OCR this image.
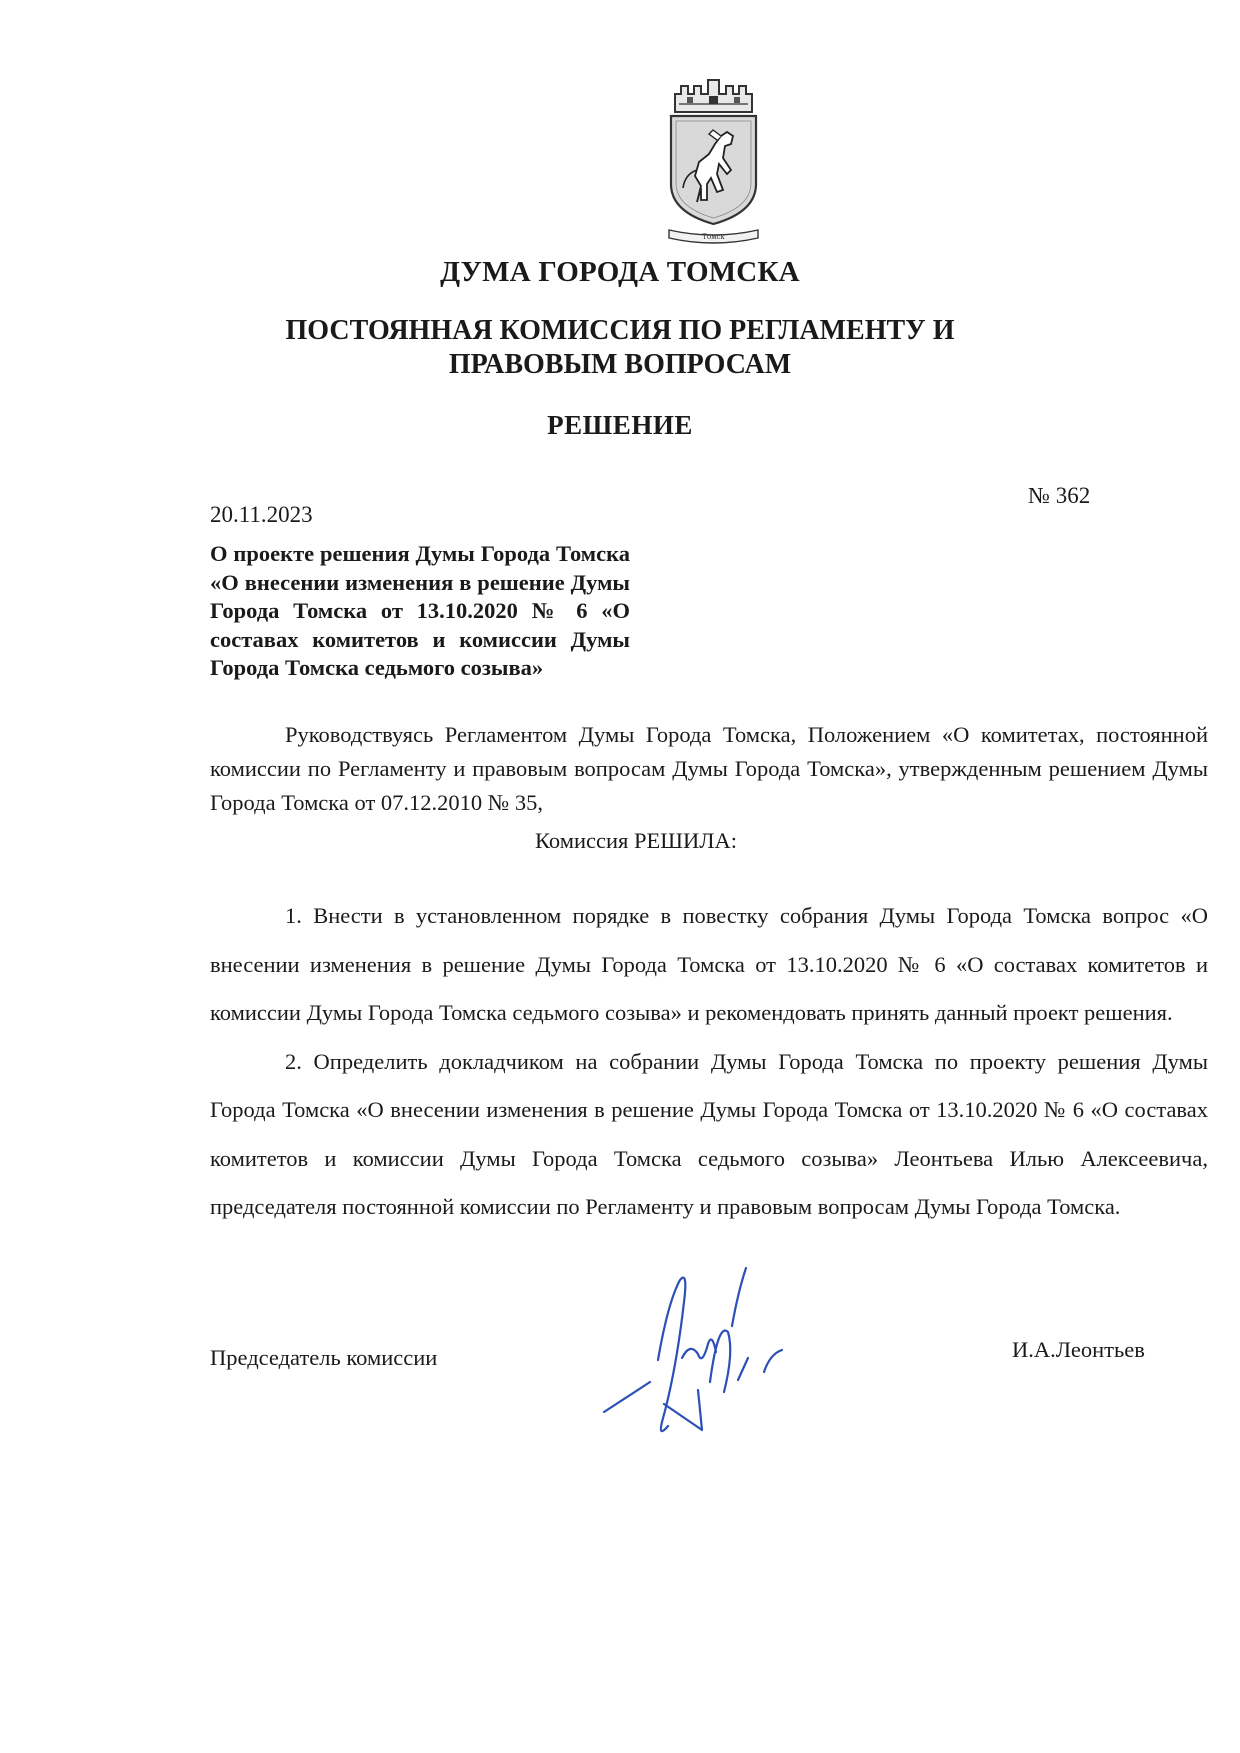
Томск
ДУМА ГОРОДА ТОМСКА
ПОСТОЯННАЯ КОМИССИЯ ПО РЕГЛАМЕНТУ И ПРАВОВЫМ ВОПРОСАМ
РЕШЕНИЕ
№ 362
20.11.2023
О проекте решения Думы Города Томска «О внесении изменения в решение Думы Города Томска от 13.10.2020 № 6 «О составах комитетов и комиссии Думы Города Томска седьмого созыва»
Руководствуясь Регламентом Думы Города Томска, Положением «О комитетах, постоянной комиссии по Регламенту и правовым вопросам Думы Города Томска», утвержденным решением Думы Города Томска от 07.12.2010 № 35,
Комиссия РЕШИЛА:

1. Внести в установленном порядке в повестку собрания Думы Города Томска вопрос «О внесении изменения в решение Думы Города Томска от 13.10.2020 № 6 «О составах комитетов и комиссии Думы Города Томска седьмого созыва» и рекомендовать принять данный проект решения.

2. Определить докладчиком на собрании Думы Города Томска по проекту решения Думы Города Томска «О внесении изменения в решение Думы Города Томска от 13.10.2020 № 6 «О составах комитетов и комиссии Думы Города Томска седьмого созыва» Леонтьева Илью Алексеевича, председателя постоянной комиссии по Регламенту и правовым вопросам Думы Города Томска.

Председатель комиссии	И.А.Леонтьев
